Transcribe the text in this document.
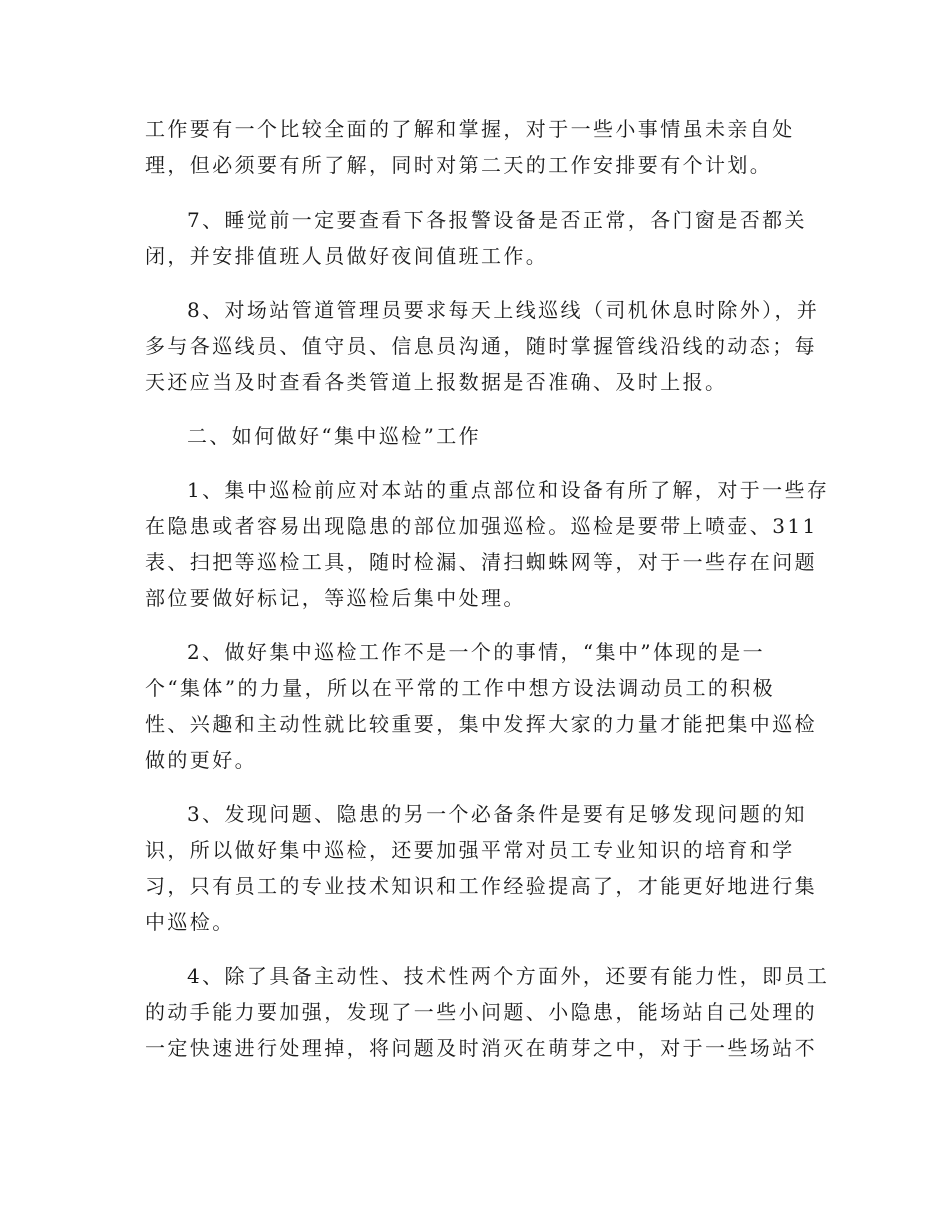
工作要有一个比较全面的了解和掌握，对于一些小事情虽未亲自处
理，但必须要有所了解，同时对第二天的工作安排要有个计划。
7、睡觉前一定要查看下各报警设备是否正常，各门窗是否都关
闭，并安排值班人员做好夜间值班工作。
8、对场站管道管理员要求每天上线巡线（司机休息时除外），并
多与各巡线员、值守员、信息员沟通，随时掌握管线沿线的动态；每
天还应当及时查看各类管道上报数据是否准确、及时上报。
二、如何做好“集中巡检”工作
1、集中巡检前应对本站的重点部位和设备有所了解，对于一些存
在隐患或者容易出现隐患的部位加强巡检。巡检是要带上喷壶、311
表、扫把等巡检工具，随时检漏、清扫蜘蛛网等，对于一些存在问题
部位要做好标记，等巡检后集中处理。
2、做好集中巡检工作不是一个的事情，“集中”体现的是一
个“集体”的力量，所以在平常的工作中想方设法调动员工的积极
性、兴趣和主动性就比较重要，集中发挥大家的力量才能把集中巡检
做的更好。
3、发现问题、隐患的另一个必备条件是要有足够发现问题的知
识，所以做好集中巡检，还要加强平常对员工专业知识的培育和学
习，只有员工的专业技术知识和工作经验提高了，才能更好地进行集
中巡检。
4、除了具备主动性、技术性两个方面外，还要有能力性，即员工
的动手能力要加强，发现了一些小问题、小隐患，能场站自己处理的
一定快速进行处理掉，将问题及时消灭在萌芽之中，对于一些场站不
